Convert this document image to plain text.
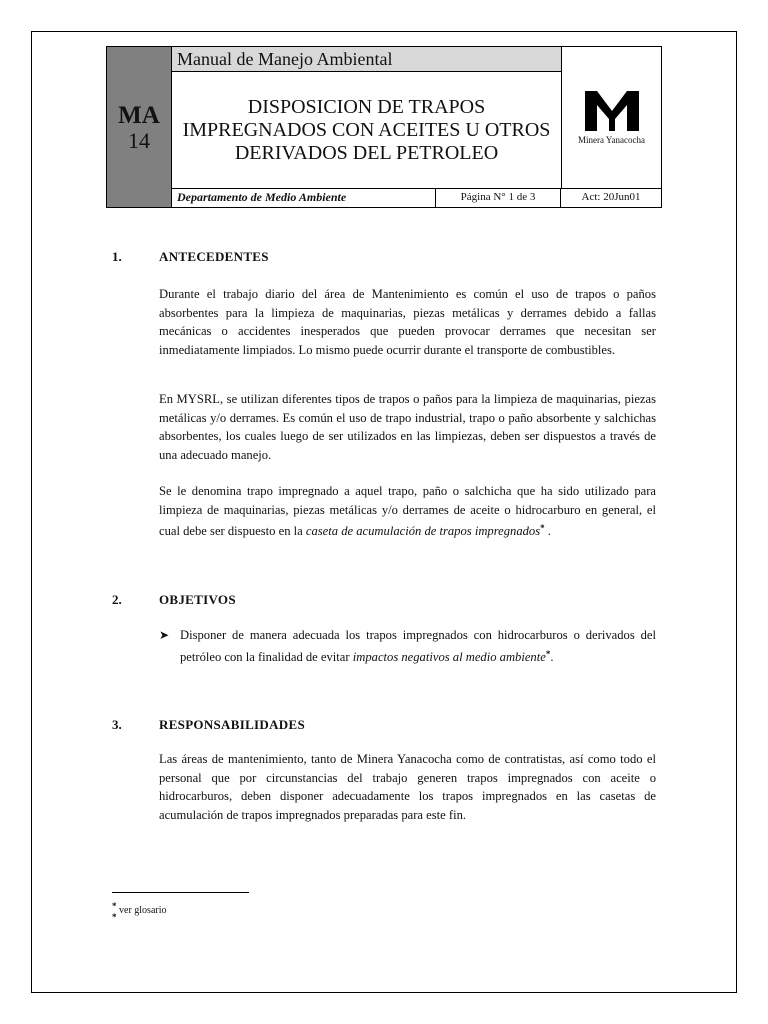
MA
14
Manual de Manejo Ambiental
DISPOSICION DE TRAPOS IMPREGNADOS CON ACEITES U OTROS DERIVADOS DEL PETROLEO
Minera Yanacocha
Departamento de Medio Ambiente	Página N° 1 de 3	Act: 20Jun01
1.	ANTECEDENTES

Durante el trabajo diario del área de Mantenimiento es común el uso de trapos o paños absorbentes para la limpieza de maquinarias, piezas metálicas y derrames debido a fallas mecánicas o accidentes inesperados que pueden provocar derrames que necesitan ser inmediatamente limpiados. Lo mismo puede ocurrir durante el transporte de combustibles.

En MYSRL, se utilizan diferentes tipos de trapos o paños para la limpieza de maquinarias, piezas metálicas y/o derrames. Es común el uso de trapo industrial, trapo o paño absorbente y salchichas absorbentes, los cuales luego de ser utilizados en las limpiezas, deben ser dispuestos a través de una adecuado manejo.

Se le denomina trapo impregnado a aquel trapo, paño o salchicha que ha sido utilizado para limpieza de maquinarias, piezas metálicas y/o derrames de aceite o hidrocarburo en general, el cual debe ser dispuesto en la caseta de acumulación de trapos impregnados* .

2.	OBJETIVOS
➤ Disponer de manera adecuada los trapos impregnados con hidrocarburos o derivados del petróleo con la finalidad de evitar impactos negativos al medio ambiente*.

3.	RESPONSABILIDADES

Las áreas de mantenimiento, tanto de Minera Yanacocha como de contratistas, así como todo el personal que por circunstancias del trabajo generen trapos impregnados con aceite o hidrocarburos, deben disponer adecuadamente los trapos impregnados en las casetas de acumulación de trapos impregnados preparadas para este fin.

* ver glosario
*
